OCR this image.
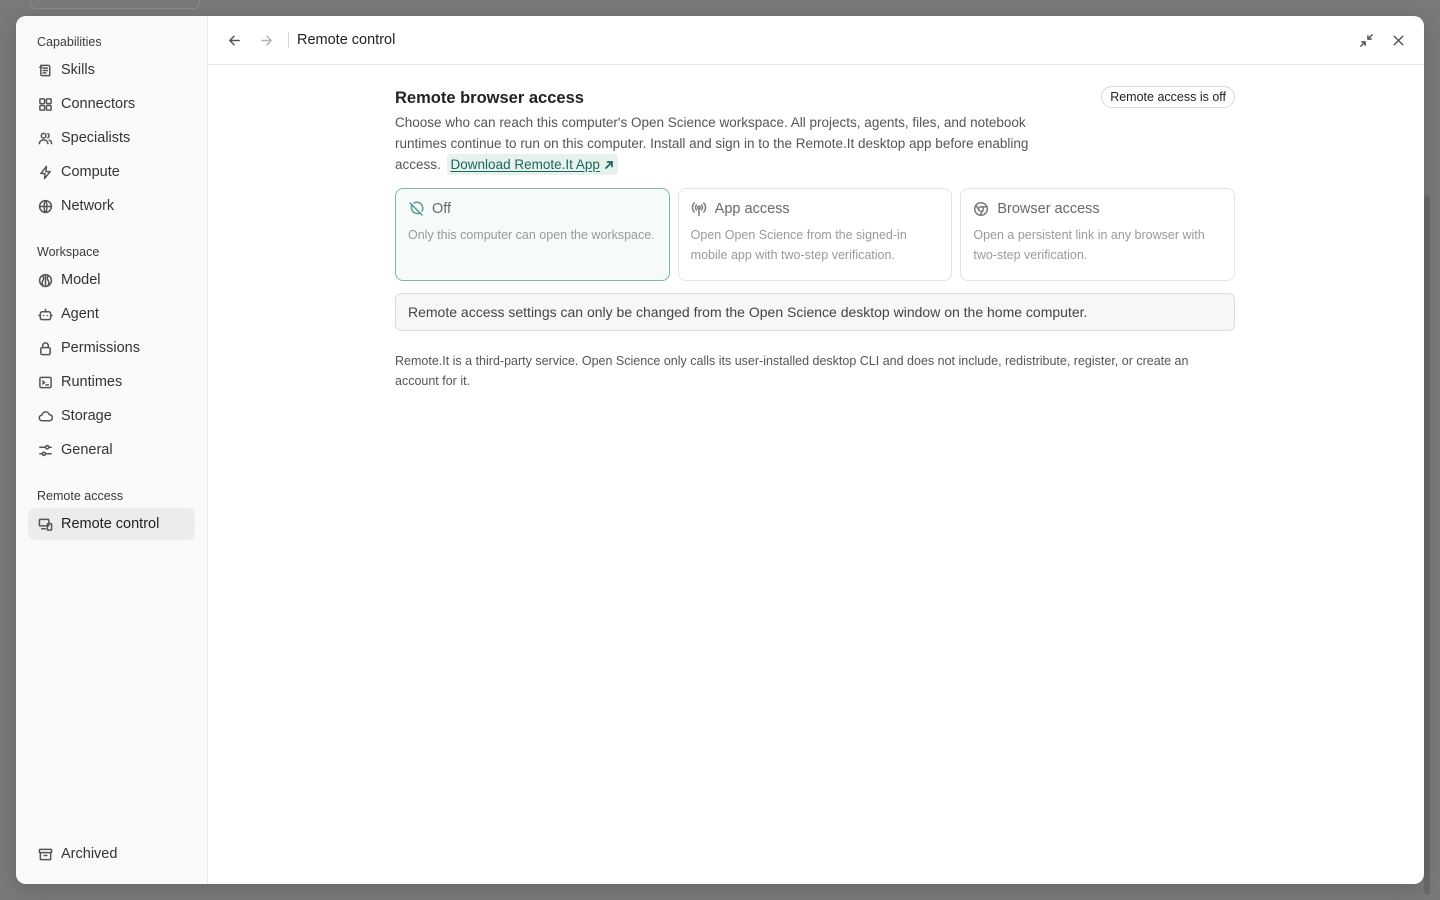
Capabilities
Skills
Connectors
Specialists
Compute
Network
Workspace
Model
Agent
Permissions
Runtimes
Storage
General
Remote access
Remote control
Archived
Remote control
Remote browser access	Remote access is off

Choose who can reach this computer's Open Science workspace. All projects, agents, files, and notebook runtimes continue to run on this computer. Install and sign in to the Remote.It desktop app before enabling access. Download Remote.It App

Off
Only this computer can open the workspace.
App access
Open Open Science from the signed-in mobile app with two-step verification.
Browser access
Open a persistent link in any browser with two-step verification.
Remote access settings can only be changed from the Open Science desktop window on the home computer.

Remote.It is a third-party service. Open Science only calls its user-installed desktop CLI and does not include, redistribute, register, or create an account for it.
